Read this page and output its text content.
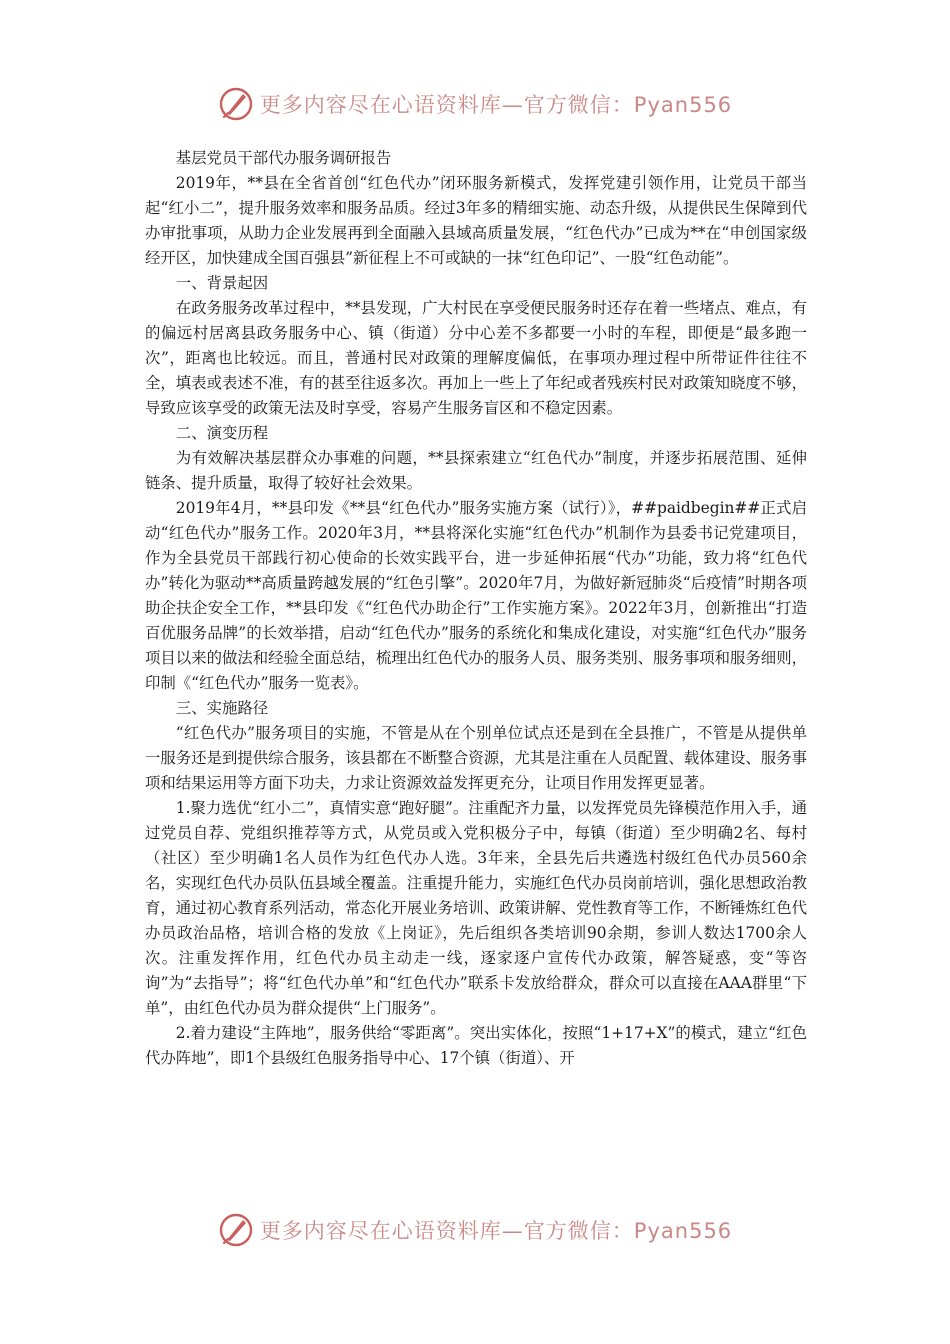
更多内容尽在心语资料库—官方微信：Pyan556

基层党员干部代办服务调研报告

2019年，**县在全省首创“红色代办”闭环服务新模式，发挥党建引领作用，让党员干部当起“红小二”，提升服务效率和服务品质。经过3年多的精细实施、动态升级，从提供民生保障到代办审批事项，从助力企业发展再到全面融入县域高质量发展，“红色代办”已成为**在“申创国家级经开区，加快建成全国百强县”新征程上不可或缺的一抹“红色印记”、一股“红色动能”。

一、背景起因

在政务服务改革过程中，**县发现，广大村民在享受便民服务时还存在着一些堵点、难点，有的偏远村居离县政务服务中心、镇（街道）分中心差不多都要一小时的车程，即便是“最多跑一次”，距离也比较远。而且，普通村民对政策的理解度偏低，在事项办理过程中所带证件往往不全，填表或表述不准，有的甚至往返多次。再加上一些上了年纪或者残疾村民对政策知晓度不够，导致应该享受的政策无法及时享受，容易产生服务盲区和不稳定因素。

二、演变历程

为有效解决基层群众办事难的问题，**县探索建立“红色代办”制度，并逐步拓展范围、延伸链条、提升质量，取得了较好社会效果。

2019年4月，**县印发《**县“红色代办”服务实施方案（试行）》，##paidbegin##正式启动“红色代办”服务工作。2020年3月，**县将深化实施“红色代办”机制作为县委书记党建项目，作为全县党员干部践行初心使命的长效实践平台，进一步延伸拓展“代办”功能，致力将“红色代办”转化为驱动**高质量跨越发展的“红色引擎”。2020年7月，为做好新冠肺炎“后疫情”时期各项助企扶企安全工作，**县印发《“红色代办助企行”工作实施方案》。2022年3月，创新推出“打造百优服务品牌”的长效举措，启动“红色代办”服务的系统化和集成化建设，对实施“红色代办”服务项目以来的做法和经验全面总结，梳理出红色代办的服务人员、服务类别、服务事项和服务细则，印制《“红色代办”服务一览表》。

三、实施路径

“红色代办”服务项目的实施，不管是从在个别单位试点还是到在全县推广，不管是从提供单一服务还是到提供综合服务，该县都在不断整合资源，尤其是注重在人员配置、载体建设、服务事项和结果运用等方面下功夫，力求让资源效益发挥更充分，让项目作用发挥更显著。

1.聚力选优“红小二”，真情实意“跑好腿”。注重配齐力量，以发挥党员先锋模范作用入手，通过党员自荐、党组织推荐等方式，从党员或入党积极分子中，每镇（街道）至少明确2名、每村（社区）至少明确1名人员作为红色代办人选。3年来，全县先后共遴选村级红色代办员560余名，实现红色代办员队伍县域全覆盖。注重提升能力，实施红色代办员岗前培训，强化思想政治教育，通过初心教育系列活动，常态化开展业务培训、政策讲解、党性教育等工作，不断锤炼红色代办员政治品格，培训合格的发放《上岗证》，先后组织各类培训90余期，参训人数达1700余人次。注重发挥作用，红色代办员主动走一线，逐家逐户宣传代办政策，解答疑惑，变“等咨询”为“去指导”；将“红色代办单”和“红色代办”联系卡发放给群众，群众可以直接在AAA群里“下单”，由红色代办员为群众提供“上门服务”。

2.着力建设“主阵地”，服务供给“零距离”。突出实体化，按照“1+17+X”的模式，建立“红色代办阵地”，即1个县级红色服务指导中心、17个镇（街道）、开

更多内容尽在心语资料库—官方微信：Pyan556
